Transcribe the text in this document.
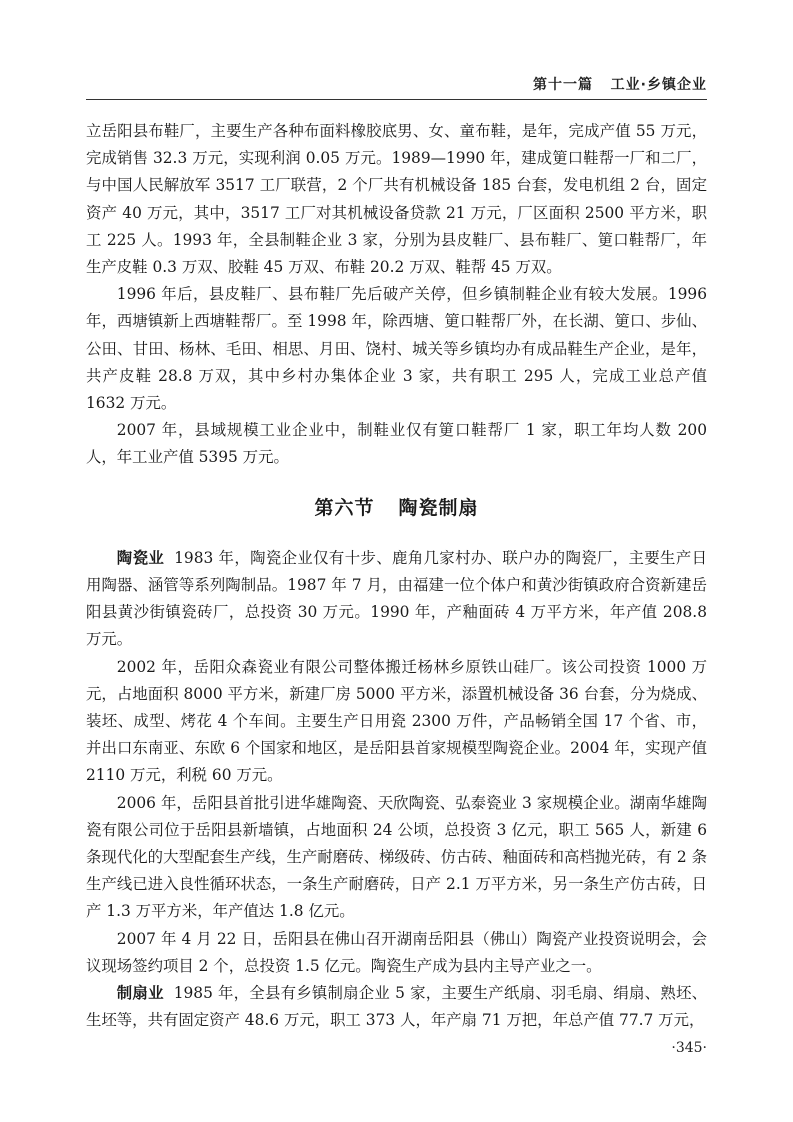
第十一篇 工业·乡镇企业

立岳阳县布鞋厂，主要生产各种布面料橡胶底男、女、童布鞋，是年，完成产值 55 万元，完成销售 32.3 万元，实现利润 0.05 万元。1989—1990 年，建成筻口鞋帮一厂和二厂，与中国人民解放军 3517 工厂联营，2 个厂共有机械设备 185 台套，发电机组 2 台，固定资产 40 万元，其中，3517 工厂对其机械设备贷款 21 万元，厂区面积 2500 平方米，职工 225 人。1993 年，全县制鞋企业 3 家，分别为县皮鞋厂、县布鞋厂、筻口鞋帮厂，年生产皮鞋 0.3 万双、胶鞋 45 万双、布鞋 20.2 万双、鞋帮 45 万双。

1996 年后，县皮鞋厂、县布鞋厂先后破产关停，但乡镇制鞋企业有较大发展。1996 年，西塘镇新上西塘鞋帮厂。至 1998 年，除西塘、筻口鞋帮厂外，在长湖、筻口、步仙、公田、甘田、杨林、毛田、相思、月田、饶村、城关等乡镇均办有成品鞋生产企业，是年，共产皮鞋 28.8 万双，其中乡村办集体企业 3 家，共有职工 295 人，完成工业总产值 1632 万元。

2007 年，县域规模工业企业中，制鞋业仅有筻口鞋帮厂 1 家，职工年均人数 200 人，年工业产值 5395 万元。

第六节 陶瓷制扇

陶瓷业 1983 年，陶瓷企业仅有十步、鹿角几家村办、联户办的陶瓷厂，主要生产日用陶器、涵管等系列陶制品。1987 年 7 月，由福建一位个体户和黄沙街镇政府合资新建岳阳县黄沙街镇瓷砖厂，总投资 30 万元。1990 年，产釉面砖 4 万平方米，年产值 208.8 万元。

2002 年，岳阳众森瓷业有限公司整体搬迁杨林乡原铁山硅厂。该公司投资 1000 万元，占地面积 8000 平方米，新建厂房 5000 平方米，添置机械设备 36 台套，分为烧成、装坯、成型、烤花 4 个车间。主要生产日用瓷 2300 万件，产品畅销全国 17 个省、市，并出口东南亚、东欧 6 个国家和地区，是岳阳县首家规模型陶瓷企业。2004 年，实现产值 2110 万元，利税 60 万元。

2006 年，岳阳县首批引进华雄陶瓷、天欣陶瓷、弘泰瓷业 3 家规模企业。湖南华雄陶瓷有限公司位于岳阳县新墙镇，占地面积 24 公顷，总投资 3 亿元，职工 565 人，新建 6 条现代化的大型配套生产线，生产耐磨砖、梯级砖、仿古砖、釉面砖和高档抛光砖，有 2 条生产线已进入良性循环状态，一条生产耐磨砖，日产 2.1 万平方米，另一条生产仿古砖，日产 1.3 万平方米，年产值达 1.8 亿元。

2007 年 4 月 22 日，岳阳县在佛山召开湖南岳阳县（佛山）陶瓷产业投资说明会，会议现场签约项目 2 个，总投资 1.5 亿元。陶瓷生产成为县内主导产业之一。

制扇业 1985 年，全县有乡镇制扇企业 5 家，主要生产纸扇、羽毛扇、绢扇、熟坯、生坯等，共有固定资产 48.6 万元，职工 373 人，年产扇 71 万把，年总产值 77.7 万元，

·345·
